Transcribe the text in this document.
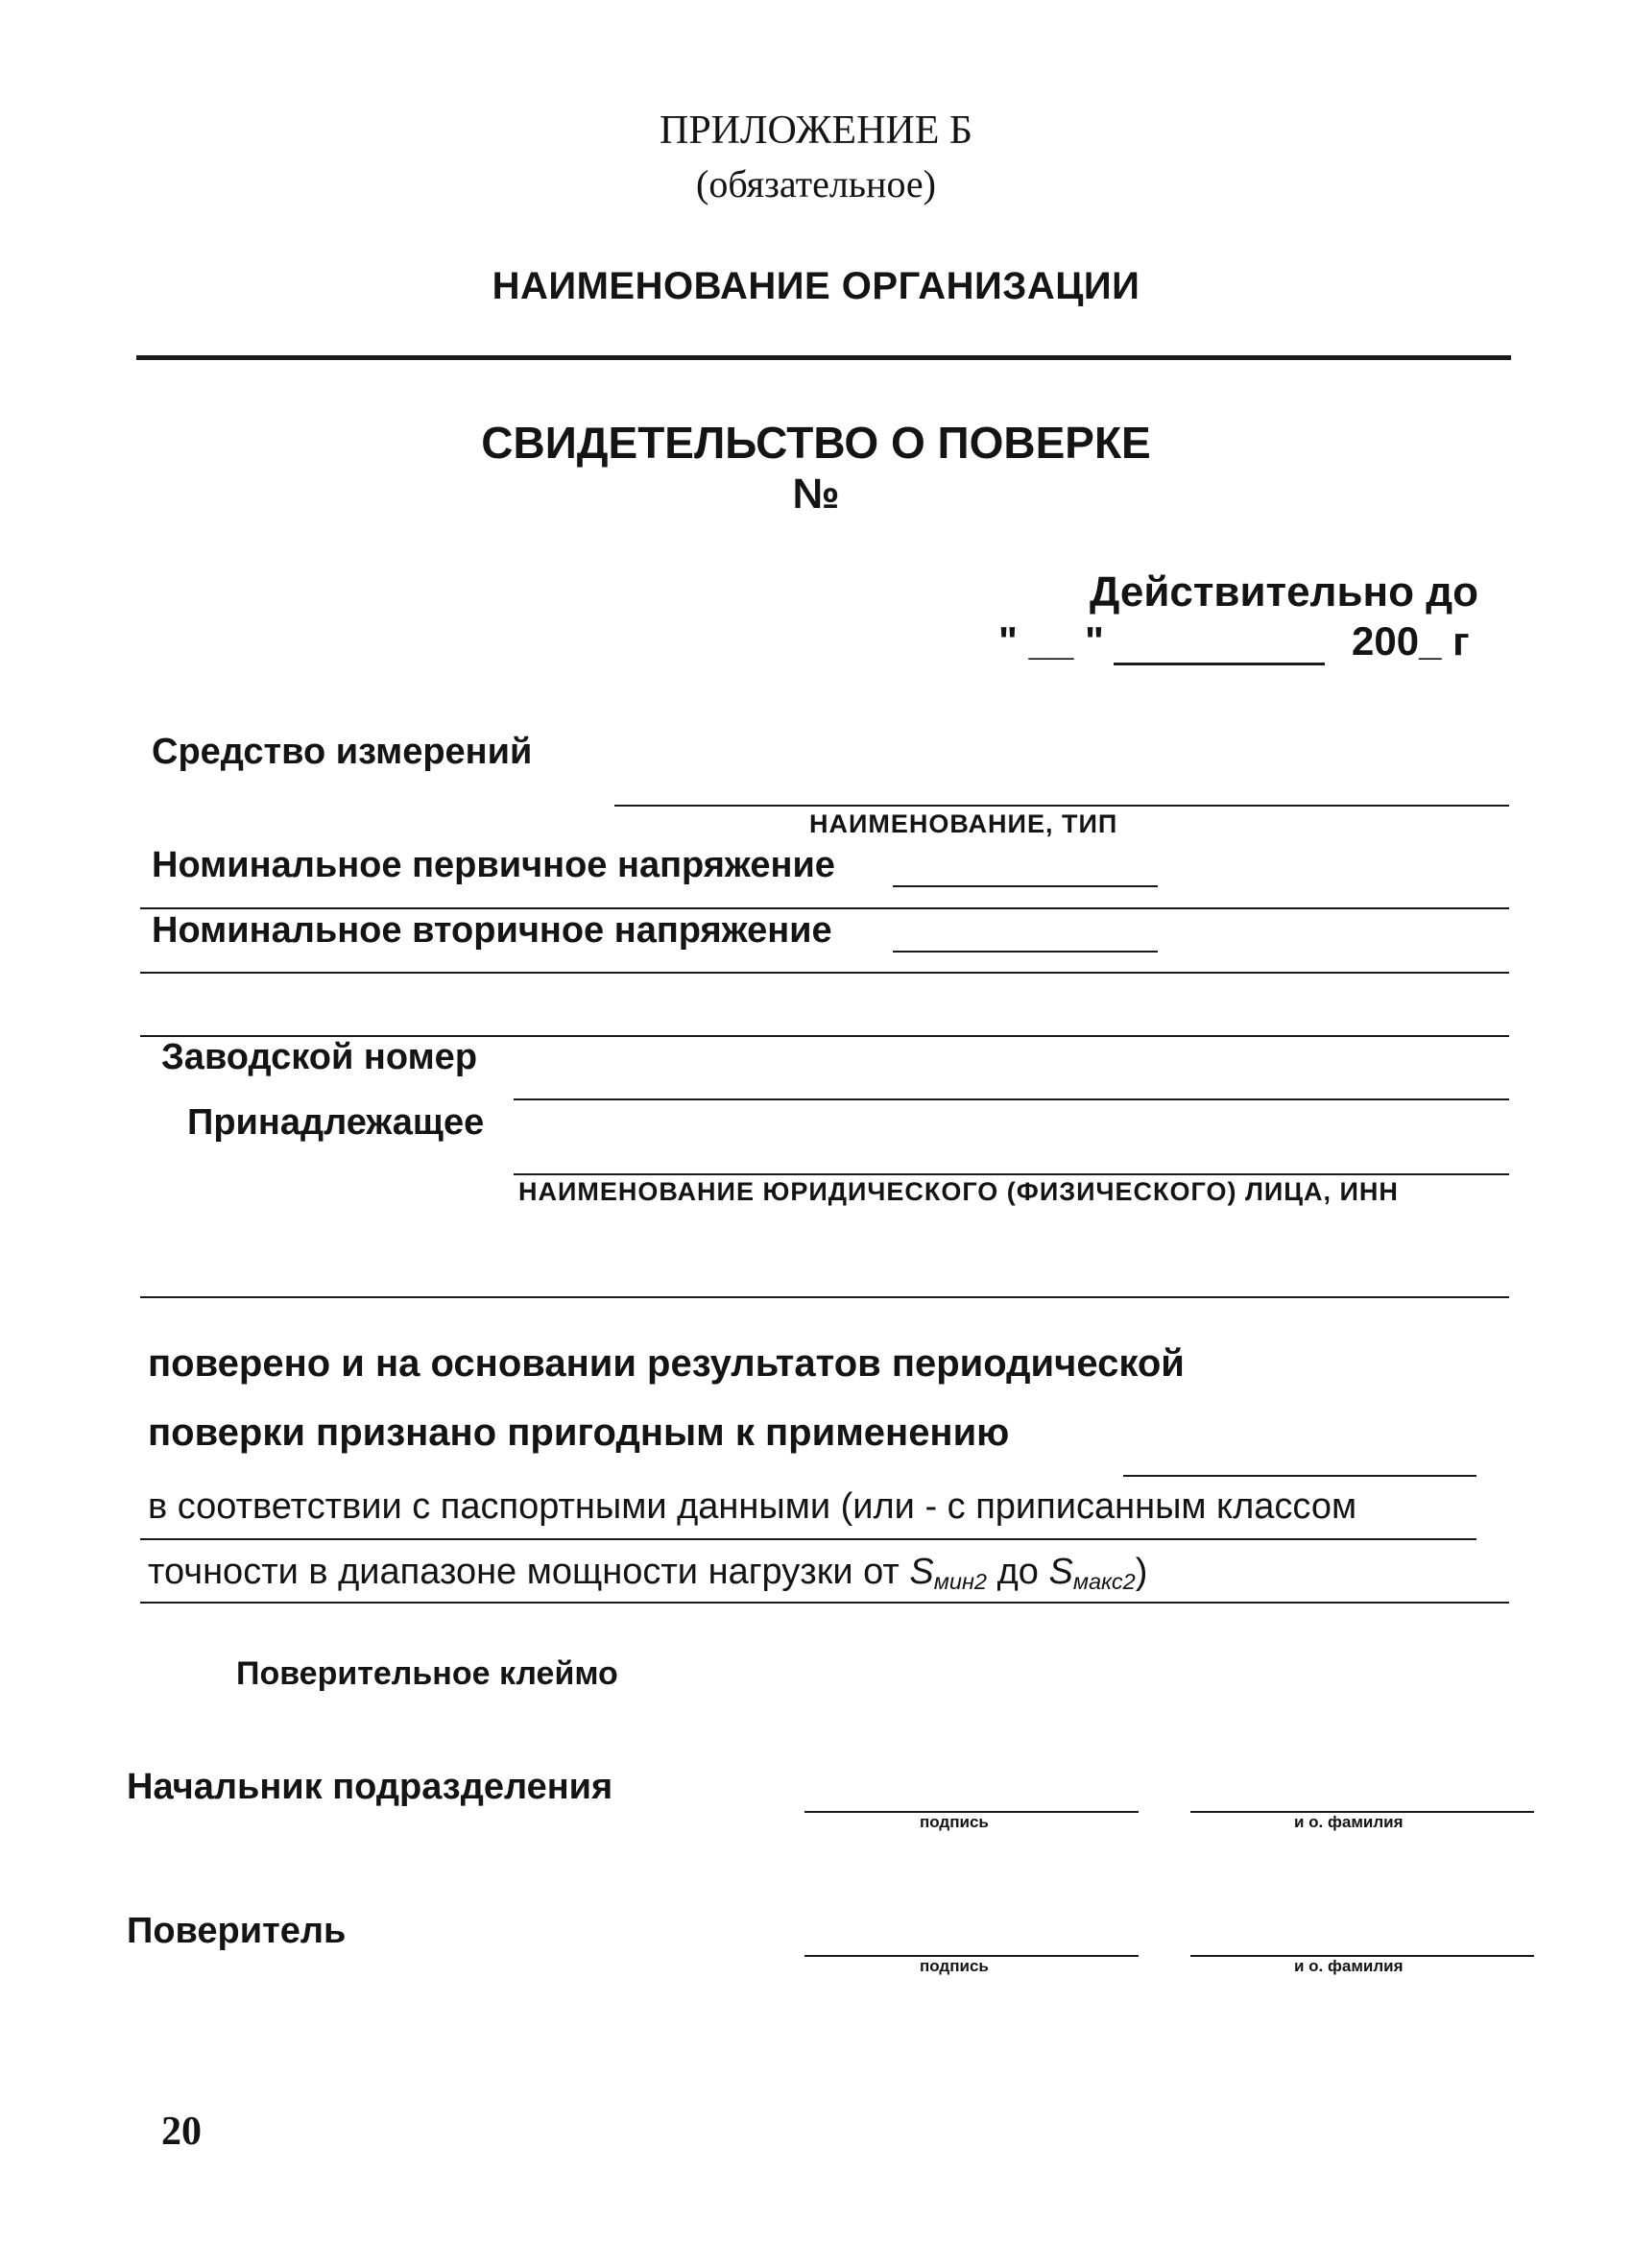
ПРИЛОЖЕНИЕ Б
(обязательное)
НАИМЕНОВАНИЕ ОРГАНИЗАЦИИ
СВИДЕТЕЛЬСТВО О ПОВЕРКЕ
№
Действительно до
" __ "	200_ г
Средство измерений
НАИМЕНОВАНИЕ, ТИП
Номинальное первичное напряжение
Номинальное вторичное напряжение
Заводской номер
Принадлежащее
НАИМЕНОВАНИЕ ЮРИДИЧЕСКОГО (ФИЗИЧЕСКОГО) ЛИЦА, ИНН
поверено и на основании результатов периодической
поверки признано пригодным к применению
в соответствии с паспортными данными (или - с приписанным классом
точности в диапазоне мощности нагрузки от $S_{мин2}$ до $S_{макс2}$)
Поверительное клеймо
Начальник подразделения
подпись	и о. фамилия
Поверитель
подпись	и о. фамилия
20
